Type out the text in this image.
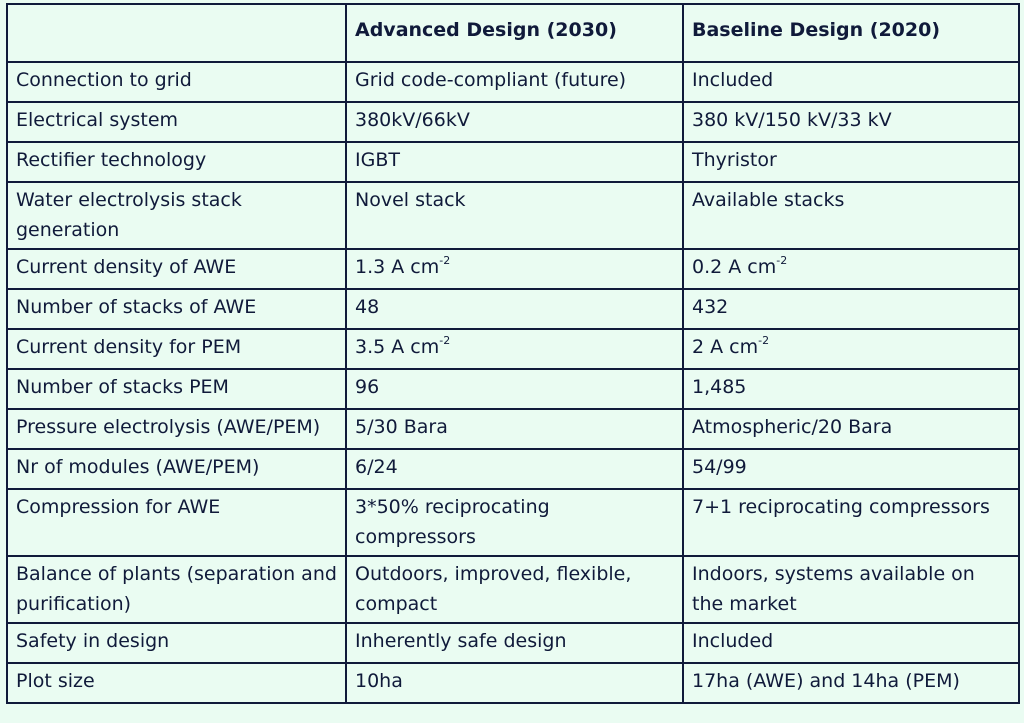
	Advanced Design (2030)	Baseline Design (2020)
Connection to grid	Grid code-compliant (future)	Included
Electrical system	380kV/66kV	380 kV/150 kV/33 kV
Rectifier technology	IGBT	Thyristor
Water electrolysis stack generation	Novel stack	Available stacks
Current density of AWE	1.3 A $cm^{-2}$	0.2 A $cm^{-2}$
Number of stacks of AWE	48	432
Current density for PEM	3.5 A $cm^{-2}$	2 A $cm^{-2}$
Number of stacks PEM	96	1,485
Pressure electrolysis (AWE/PEM)	5/30 Bara	Atmospheric/20 Bara
Nr of modules (AWE/PEM)	6/24	54/99
Compression for AWE	3*50% reciprocating compressors	7+1 reciprocating compressors
Balance of plants (separation and purification)	Outdoors, improved, flexible, compact	Indoors, systems available on the market
Safety in design	Inherently safe design	Included
Plot size	10ha	17ha (AWE) and 14ha (PEM)
